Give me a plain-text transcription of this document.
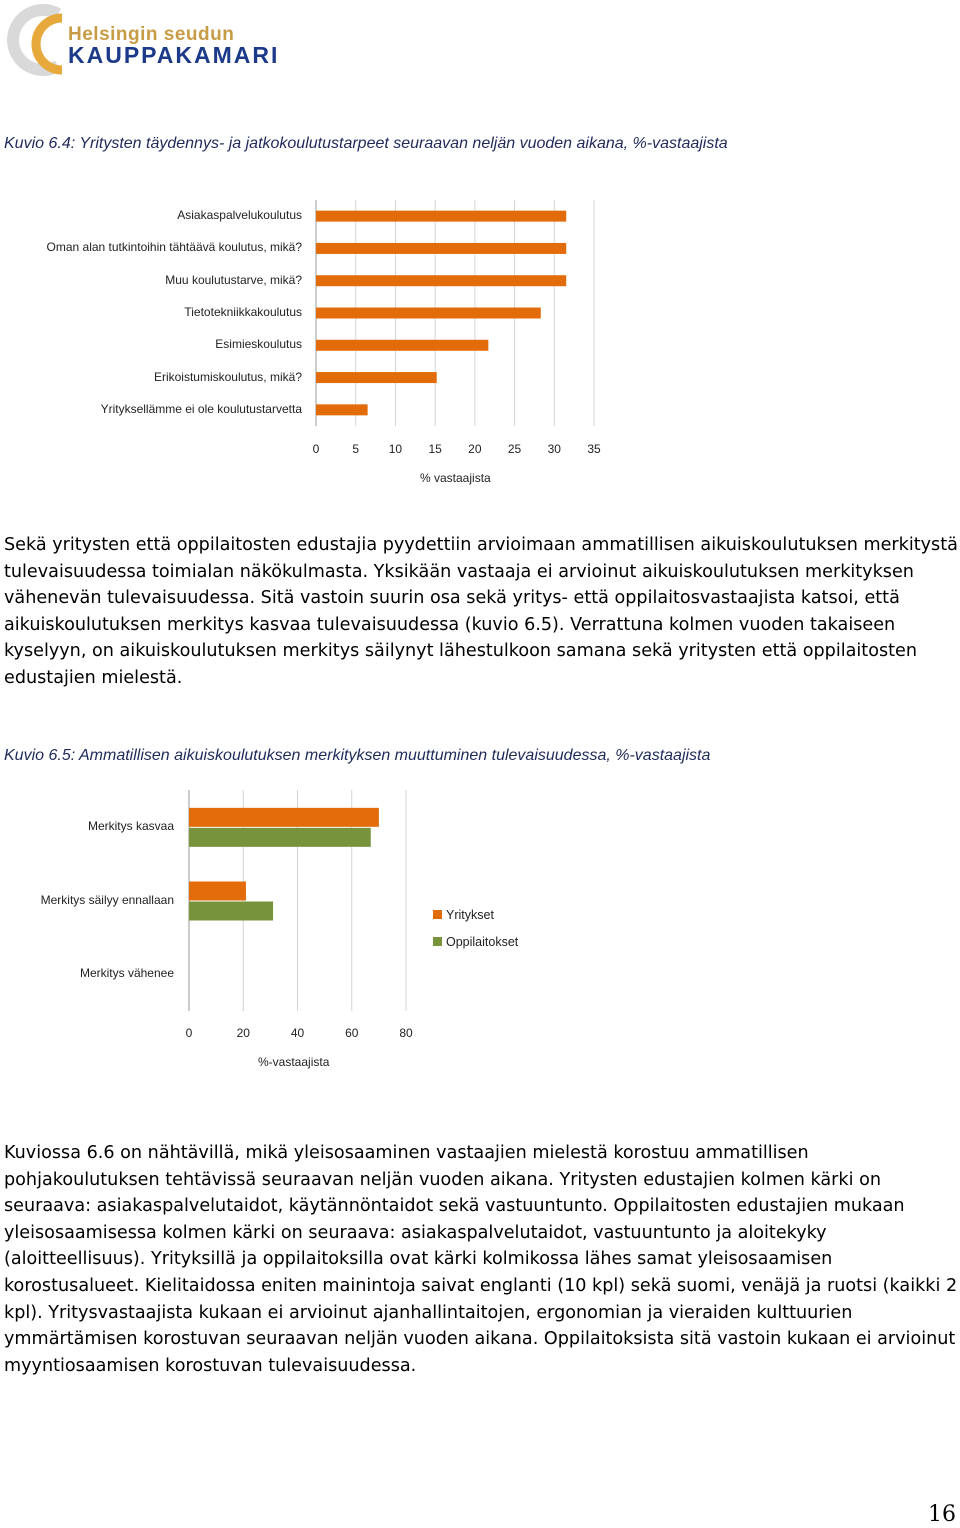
Helsingin seudun
KAUPPAKAMARI
Kuvio 6.4: Yritysten täydennys- ja jatkokoulutustarpeet seuraavan neljän vuoden aikana, %-vastaajista
Asiakaspalvelukoulutus
Oman alan tutkintoihin tähtäävä koulutus, mikä?
Muu koulutustarve, mikä?
Tietotekniikkakoulutus
Esimieskoulutus
Erikoistumiskoulutus, mikä?
Yrityksellämme ei ole koulutustarvetta
0	5	10	15	20	25	30	35
% vastaajista

Sekä yritysten että oppilaitosten edustajia pyydettiin arvioimaan ammatillisen aikuiskoulutuksen merkitystä tulevaisuudessa toimialan näkökulmasta. Yksikään vastaaja ei arvioinut aikuiskoulutuksen merkityksen vähenevän tulevaisuudessa. Sitä vastoin suurin osa sekä yritys- että oppilaitosvastaajista katsoi, että aikuiskoulutuksen merkitys kasvaa tulevaisuudessa (kuvio 6.5). Verrattuna kolmen vuoden takaiseen kyselyyn, on aikuiskoulutuksen merkitys säilynyt lähestulkoon samana sekä yritysten että oppilaitosten edustajien mielestä.

Kuvio 6.5: Ammatillisen aikuiskoulutuksen merkityksen muuttuminen tulevaisuudessa, %-vastaajista
Merkitys kasvaa
Merkitys säilyy ennallaan
Merkitys vähenee
0	20	40	60	80
%-vastaajista
Yritykset
Oppilaitokset

Kuviossa 6.6 on nähtävillä, mikä yleisosaaminen vastaajien mielestä korostuu ammatillisen pohjakoulutuksen tehtävissä seuraavan neljän vuoden aikana. Yritysten edustajien kolmen kärki on seuraava: asiakaspalvelutaidot, käytännöntaidot sekä vastuuntunto. Oppilaitosten edustajien mukaan yleisosaamisessa kolmen kärki on seuraava: asiakaspalvelutaidot, vastuuntunto ja aloitekyky (aloitteellisuus). Yrityksillä ja oppilaitoksilla ovat kärki kolmikossa lähes samat yleisosaamisen korostusalueet. Kielitaidossa eniten mainintoja saivat englanti (10 kpl) sekä suomi, venäjä ja ruotsi (kaikki 2 kpl). Yritysvastaajista kukaan ei arvioinut ajanhallintaitojen, ergonomian ja vieraiden kulttuurien ymmärtämisen korostuvan seuraavan neljän vuoden aikana. Oppilaitoksista sitä vastoin kukaan ei arvioinut myyntiosaamisen korostuvan tulevaisuudessa.

16
